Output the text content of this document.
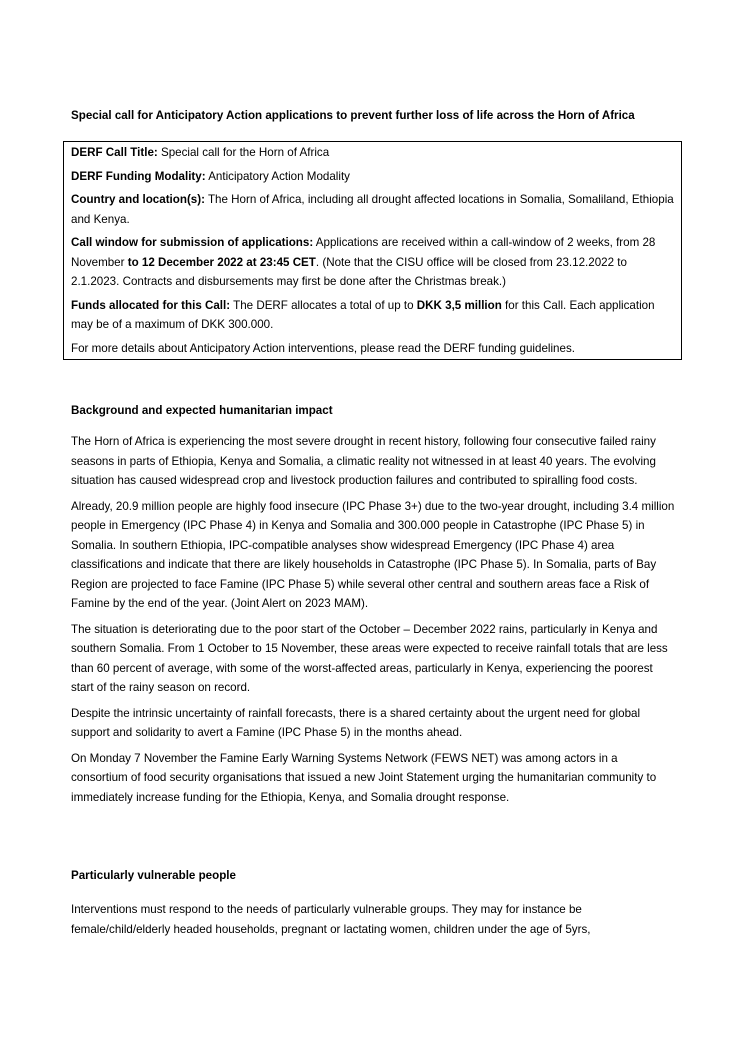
Special call for Anticipatory Action applications to prevent further loss of life across the Horn of Africa

DERF Call Title: Special call for the Horn of Africa

DERF Funding Modality: Anticipatory Action Modality

Country and location(s): The Horn of Africa, including all drought affected locations in Somalia, Somaliland, Ethiopia and Kenya.

Call window for submission of applications: Applications are received within a call-window of 2 weeks, from 28 November to 12 December 2022 at 23:45 CET. (Note that the CISU office will be closed from 23.12.2022 to 2.1.2023. Contracts and disbursements may first be done after the Christmas break.)

Funds allocated for this Call: The DERF allocates a total of up to DKK 3,5 million for this Call. Each application may be of a maximum of DKK 300.000.

For more details about Anticipatory Action interventions, please read the DERF funding guidelines.

Background and expected humanitarian impact

The Horn of Africa is experiencing the most severe drought in recent history, following four consecutive failed rainy seasons in parts of Ethiopia, Kenya and Somalia, a climatic reality not witnessed in at least 40 years. The evolving situation has caused widespread crop and livestock production failures and contributed to spiralling food costs.

Already, 20.9 million people are highly food insecure (IPC Phase 3+) due to the two-year drought, including 3.4 million people in Emergency (IPC Phase 4) in Kenya and Somalia and 300.000 people in Catastrophe (IPC Phase 5) in Somalia. In southern Ethiopia, IPC-compatible analyses show widespread Emergency (IPC Phase 4) area classifications and indicate that there are likely households in Catastrophe (IPC Phase 5). In Somalia, parts of Bay Region are projected to face Famine (IPC Phase 5) while several other central and southern areas face a Risk of Famine by the end of the year. (Joint Alert on 2023 MAM).

The situation is deteriorating due to the poor start of the October – December 2022 rains, particularly in Kenya and southern Somalia. From 1 October to 15 November, these areas were expected to receive rainfall totals that are less than 60 percent of average, with some of the worst-affected areas, particularly in Kenya, experiencing the poorest start of the rainy season on record.

Despite the intrinsic uncertainty of rainfall forecasts, there is a shared certainty about the urgent need for global support and solidarity to avert a Famine (IPC Phase 5) in the months ahead.

On Monday 7 November the Famine Early Warning Systems Network (FEWS NET) was among actors in a consortium of food security organisations that issued a new Joint Statement urging the humanitarian community to immediately increase funding for the Ethiopia, Kenya, and Somalia drought response.

Particularly vulnerable people

Interventions must respond to the needs of particularly vulnerable groups. They may for instance be female/child/elderly headed households, pregnant or lactating women, children under the age of 5yrs,
